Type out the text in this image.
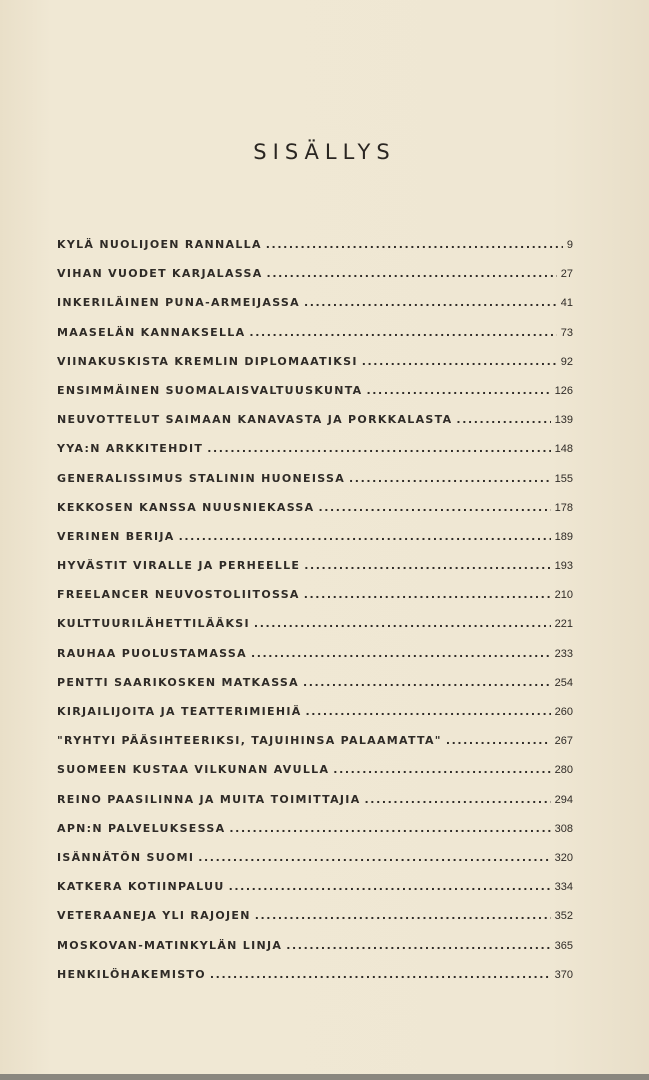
SISÄLLYS
KYLÄ NUOLIJOEN RANNALLA .....	9
VIHAN VUODET KARJALASSA .....	27
INKERILÄINEN PUNA-ARMEIJASSA .....	41
MAASELÄN KANNAKSELLA .....	73
VIINAKUSKISTA KREMLIN DIPLOMAATIKSI .....	92
ENSIMMÄINEN SUOMALAISVALTUUSKUNTA .....	126
NEUVOTTELUT SAIMAAN KANAVASTA JA PORKKALASTA .....	139
YYA:N ARKKITEHDIT .....	148
GENERALISSIMUS STALININ HUONEISSA .....	155
KEKKOSEN KANSSA NUUSNIEKASSA .....	178
VERINEN BERIJA .....	189
HYVÄSTIT VIRALLE JA PERHEELLE .....	193
FREELANCER NEUVOSTOLIITOSSA .....	210
KULTTUURILÄHETTILÄÄKSI .....	221
RAUHAA PUOLUSTAMASSA .....	233
PENTTI SAARIKOSKEN MATKASSA .....	254
KIRJAILIJOITA JA TEATTERIMIEHIÄ .....	260
"RYHTYI PÄÄSIHTEERIKSI, TAJUIHINSA PALAAMATTA" .....	267
SUOMEEN KUSTAA VILKUNAN AVULLA .....	280
REINO PAASILINNA JA MUITA TOIMITTAJIA .....	294
APN:N PALVELUKSESSA .....	308
ISÄNNÄTÖN SUOMI .....	320
KATKERA KOTIINPALUU .....	334
VETERAANEJA YLI RAJOJEN .....	352
MOSKOVAN-MATINKYLÄN LINJA .....	365
HENKILÖHAKEMISTO .....	370
